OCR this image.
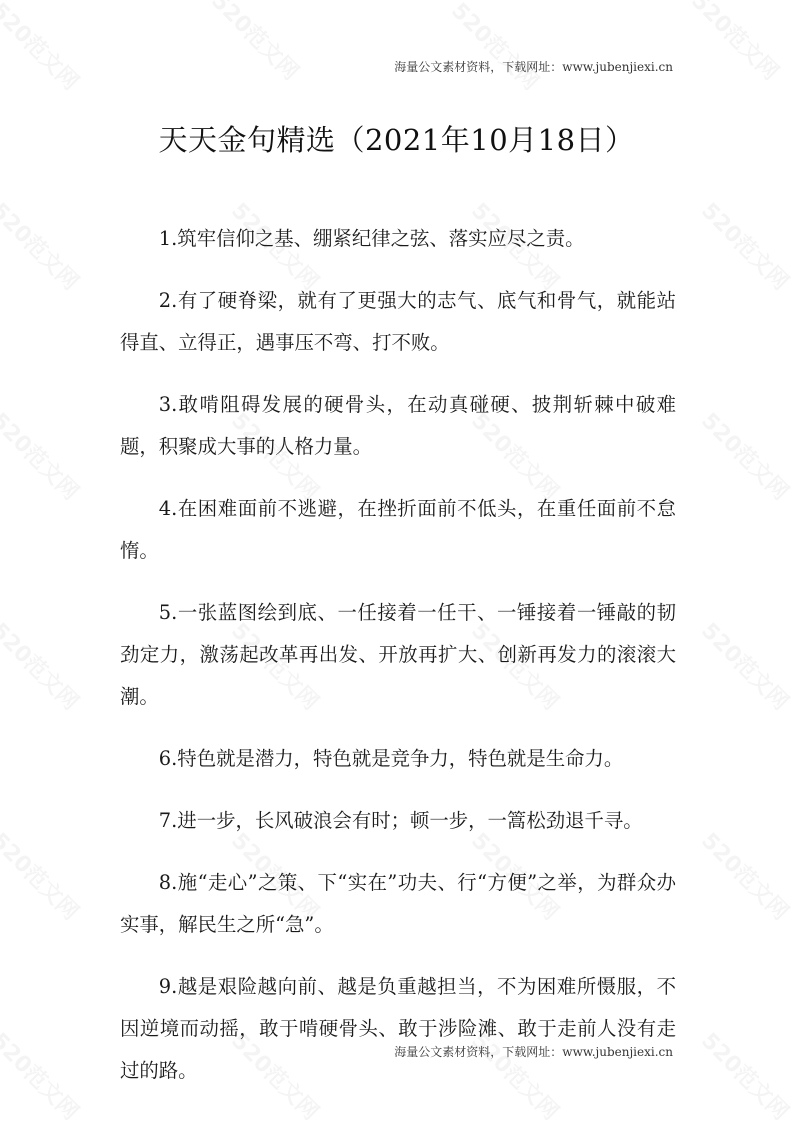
海量公文素材资料，下载网址：www.jubenjiexi.cn
天天金句精选（2021年10月18日）

1.筑牢信仰之基、绷紧纪律之弦、落实应尽之责。

2.有了硬脊梁，就有了更强大的志气、底气和骨气，就能站得直、立得正，遇事压不弯、打不败。

3.敢啃阻碍发展的硬骨头，在动真碰硬、披荆斩棘中破难题，积聚成大事的人格力量。

4.在困难面前不逃避，在挫折面前不低头，在重任面前不怠惰。

5.一张蓝图绘到底、一任接着一任干、一锤接着一锤敲的韧劲定力，激荡起改革再出发、开放再扩大、创新再发力的滚滚大潮。

6.特色就是潜力，特色就是竞争力，特色就是生命力。

7.进一步，长风破浪会有时；顿一步，一篙松劲退千寻。

8.施“走心”之策、下“实在”功夫、行“方便”之举，为群众办实事，解民生之所“急”。

9.越是艰险越向前、越是负重越担当，不为困难所慑服，不因逆境而动摇，敢于啃硬骨头、敢于涉险滩、敢于走前人没有走过的路。

海量公文素材资料，下载网址：www.jubenjiexi.cn
